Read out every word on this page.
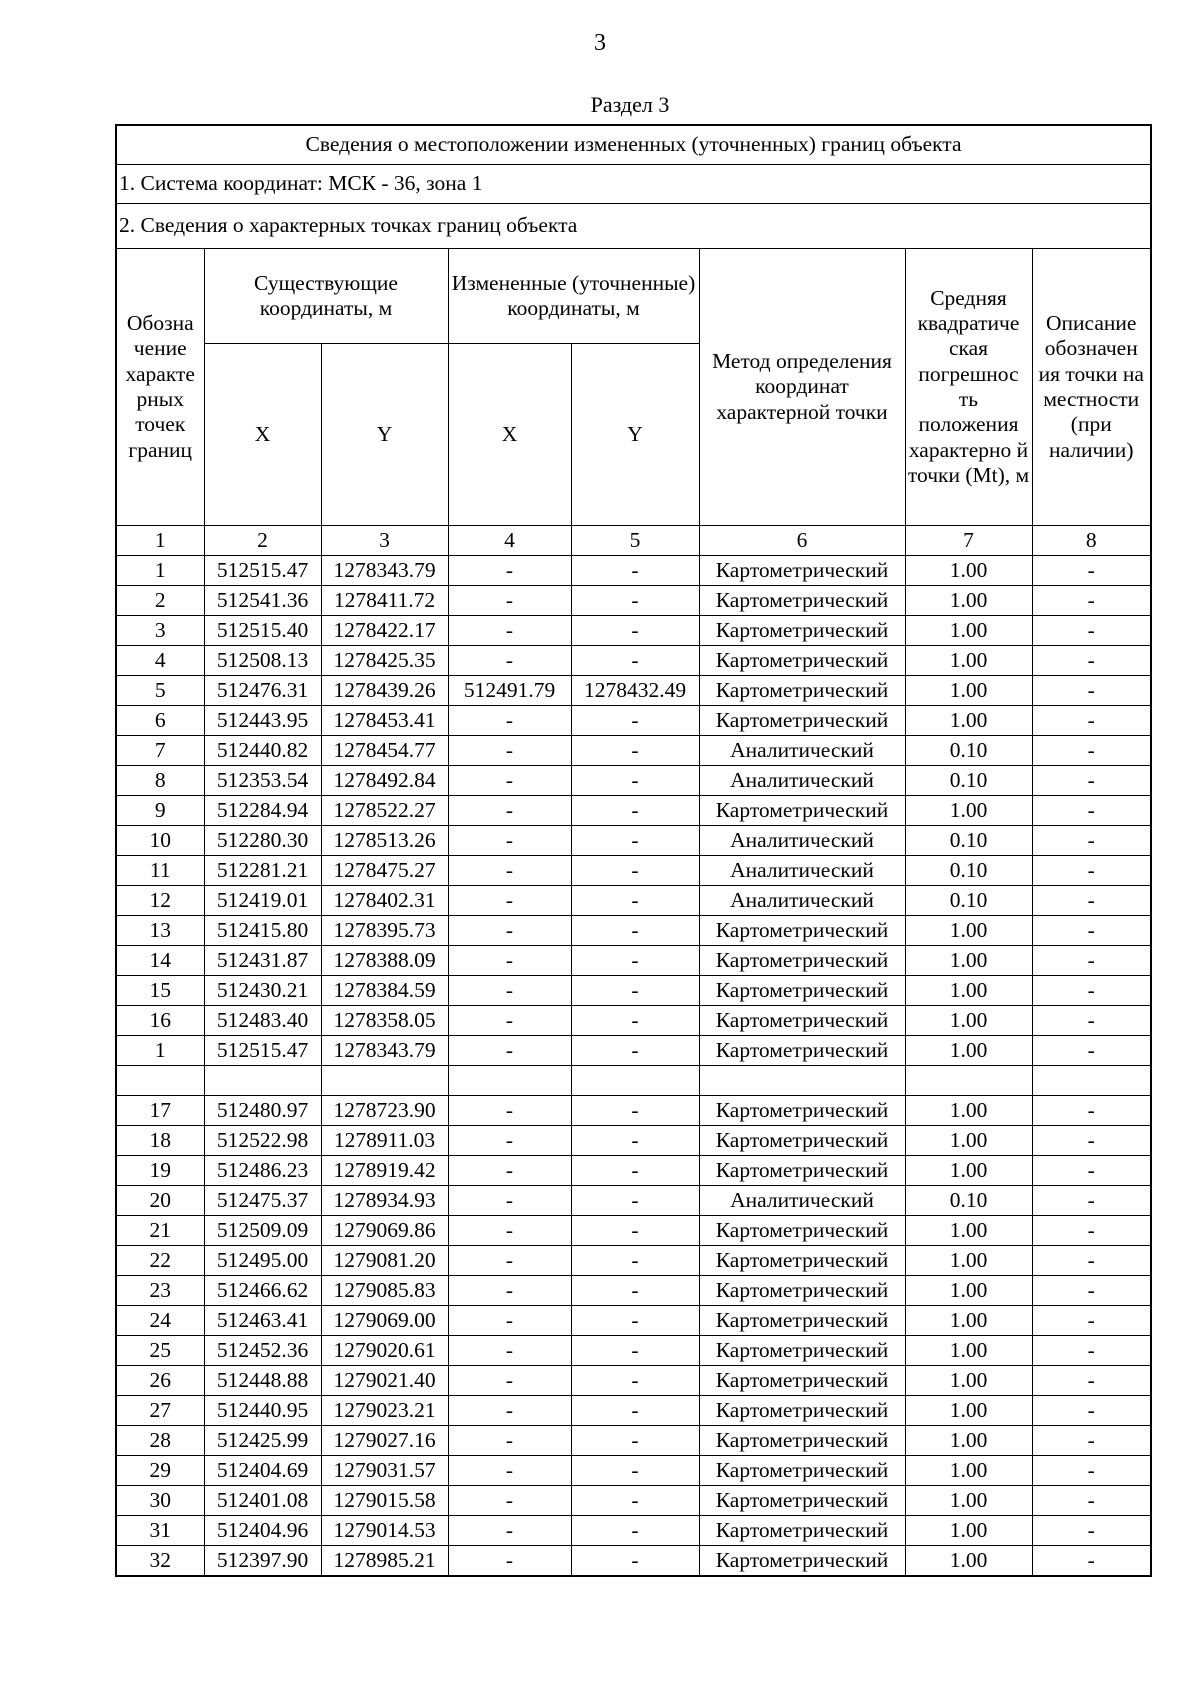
3
Раздел 3
Сведения о местоположении измененных (уточненных) границ объекта							
1. Система координат: МСК - 36, зона 1							
2. Сведения о характерных точках границ объекта							
Обозна чение характе рных точек границ	Существующие координаты, м		Измененные (уточненные) координаты, м		Метод определения координат характерной точки	Средняя квадратиче ская погрешнос ть положения характерно й точки (Mt), м	Описание обозначен ия точки на местности (при наличии)
	X	Y	X	Y			
1	2	3	4	5	6	7	8
1	512515.47	1278343.79	-	-	Картометрический	1.00	-
2	512541.36	1278411.72	-	-	Картометрический	1.00	-
3	512515.40	1278422.17	-	-	Картометрический	1.00	-
4	512508.13	1278425.35	-	-	Картометрический	1.00	-
5	512476.31	1278439.26	512491.79	1278432.49	Картометрический	1.00	-
6	512443.95	1278453.41	-	-	Картометрический	1.00	-
7	512440.82	1278454.77	-	-	Аналитический	0.10	-
8	512353.54	1278492.84	-	-	Аналитический	0.10	-
9	512284.94	1278522.27	-	-	Картометрический	1.00	-
10	512280.30	1278513.26	-	-	Аналитический	0.10	-
11	512281.21	1278475.27	-	-	Аналитический	0.10	-
12	512419.01	1278402.31	-	-	Аналитический	0.10	-
13	512415.80	1278395.73	-	-	Картометрический	1.00	-
14	512431.87	1278388.09	-	-	Картометрический	1.00	-
15	512430.21	1278384.59	-	-	Картометрический	1.00	-
16	512483.40	1278358.05	-	-	Картометрический	1.00	-
1	512515.47	1278343.79	-	-	Картометрический	1.00	-

17	512480.97	1278723.90	-	-	Картометрический	1.00	-
18	512522.98	1278911.03	-	-	Картометрический	1.00	-
19	512486.23	1278919.42	-	-	Картометрический	1.00	-
20	512475.37	1278934.93	-	-	Аналитический	0.10	-
21	512509.09	1279069.86	-	-	Картометрический	1.00	-
22	512495.00	1279081.20	-	-	Картометрический	1.00	-
23	512466.62	1279085.83	-	-	Картометрический	1.00	-
24	512463.41	1279069.00	-	-	Картометрический	1.00	-
25	512452.36	1279020.61	-	-	Картометрический	1.00	-
26	512448.88	1279021.40	-	-	Картометрический	1.00	-
27	512440.95	1279023.21	-	-	Картометрический	1.00	-
28	512425.99	1279027.16	-	-	Картометрический	1.00	-
29	512404.69	1279031.57	-	-	Картометрический	1.00	-
30	512401.08	1279015.58	-	-	Картометрический	1.00	-
31	512404.96	1279014.53	-	-	Картометрический	1.00	-
32	512397.90	1278985.21	-	-	Картометрический	1.00	-
